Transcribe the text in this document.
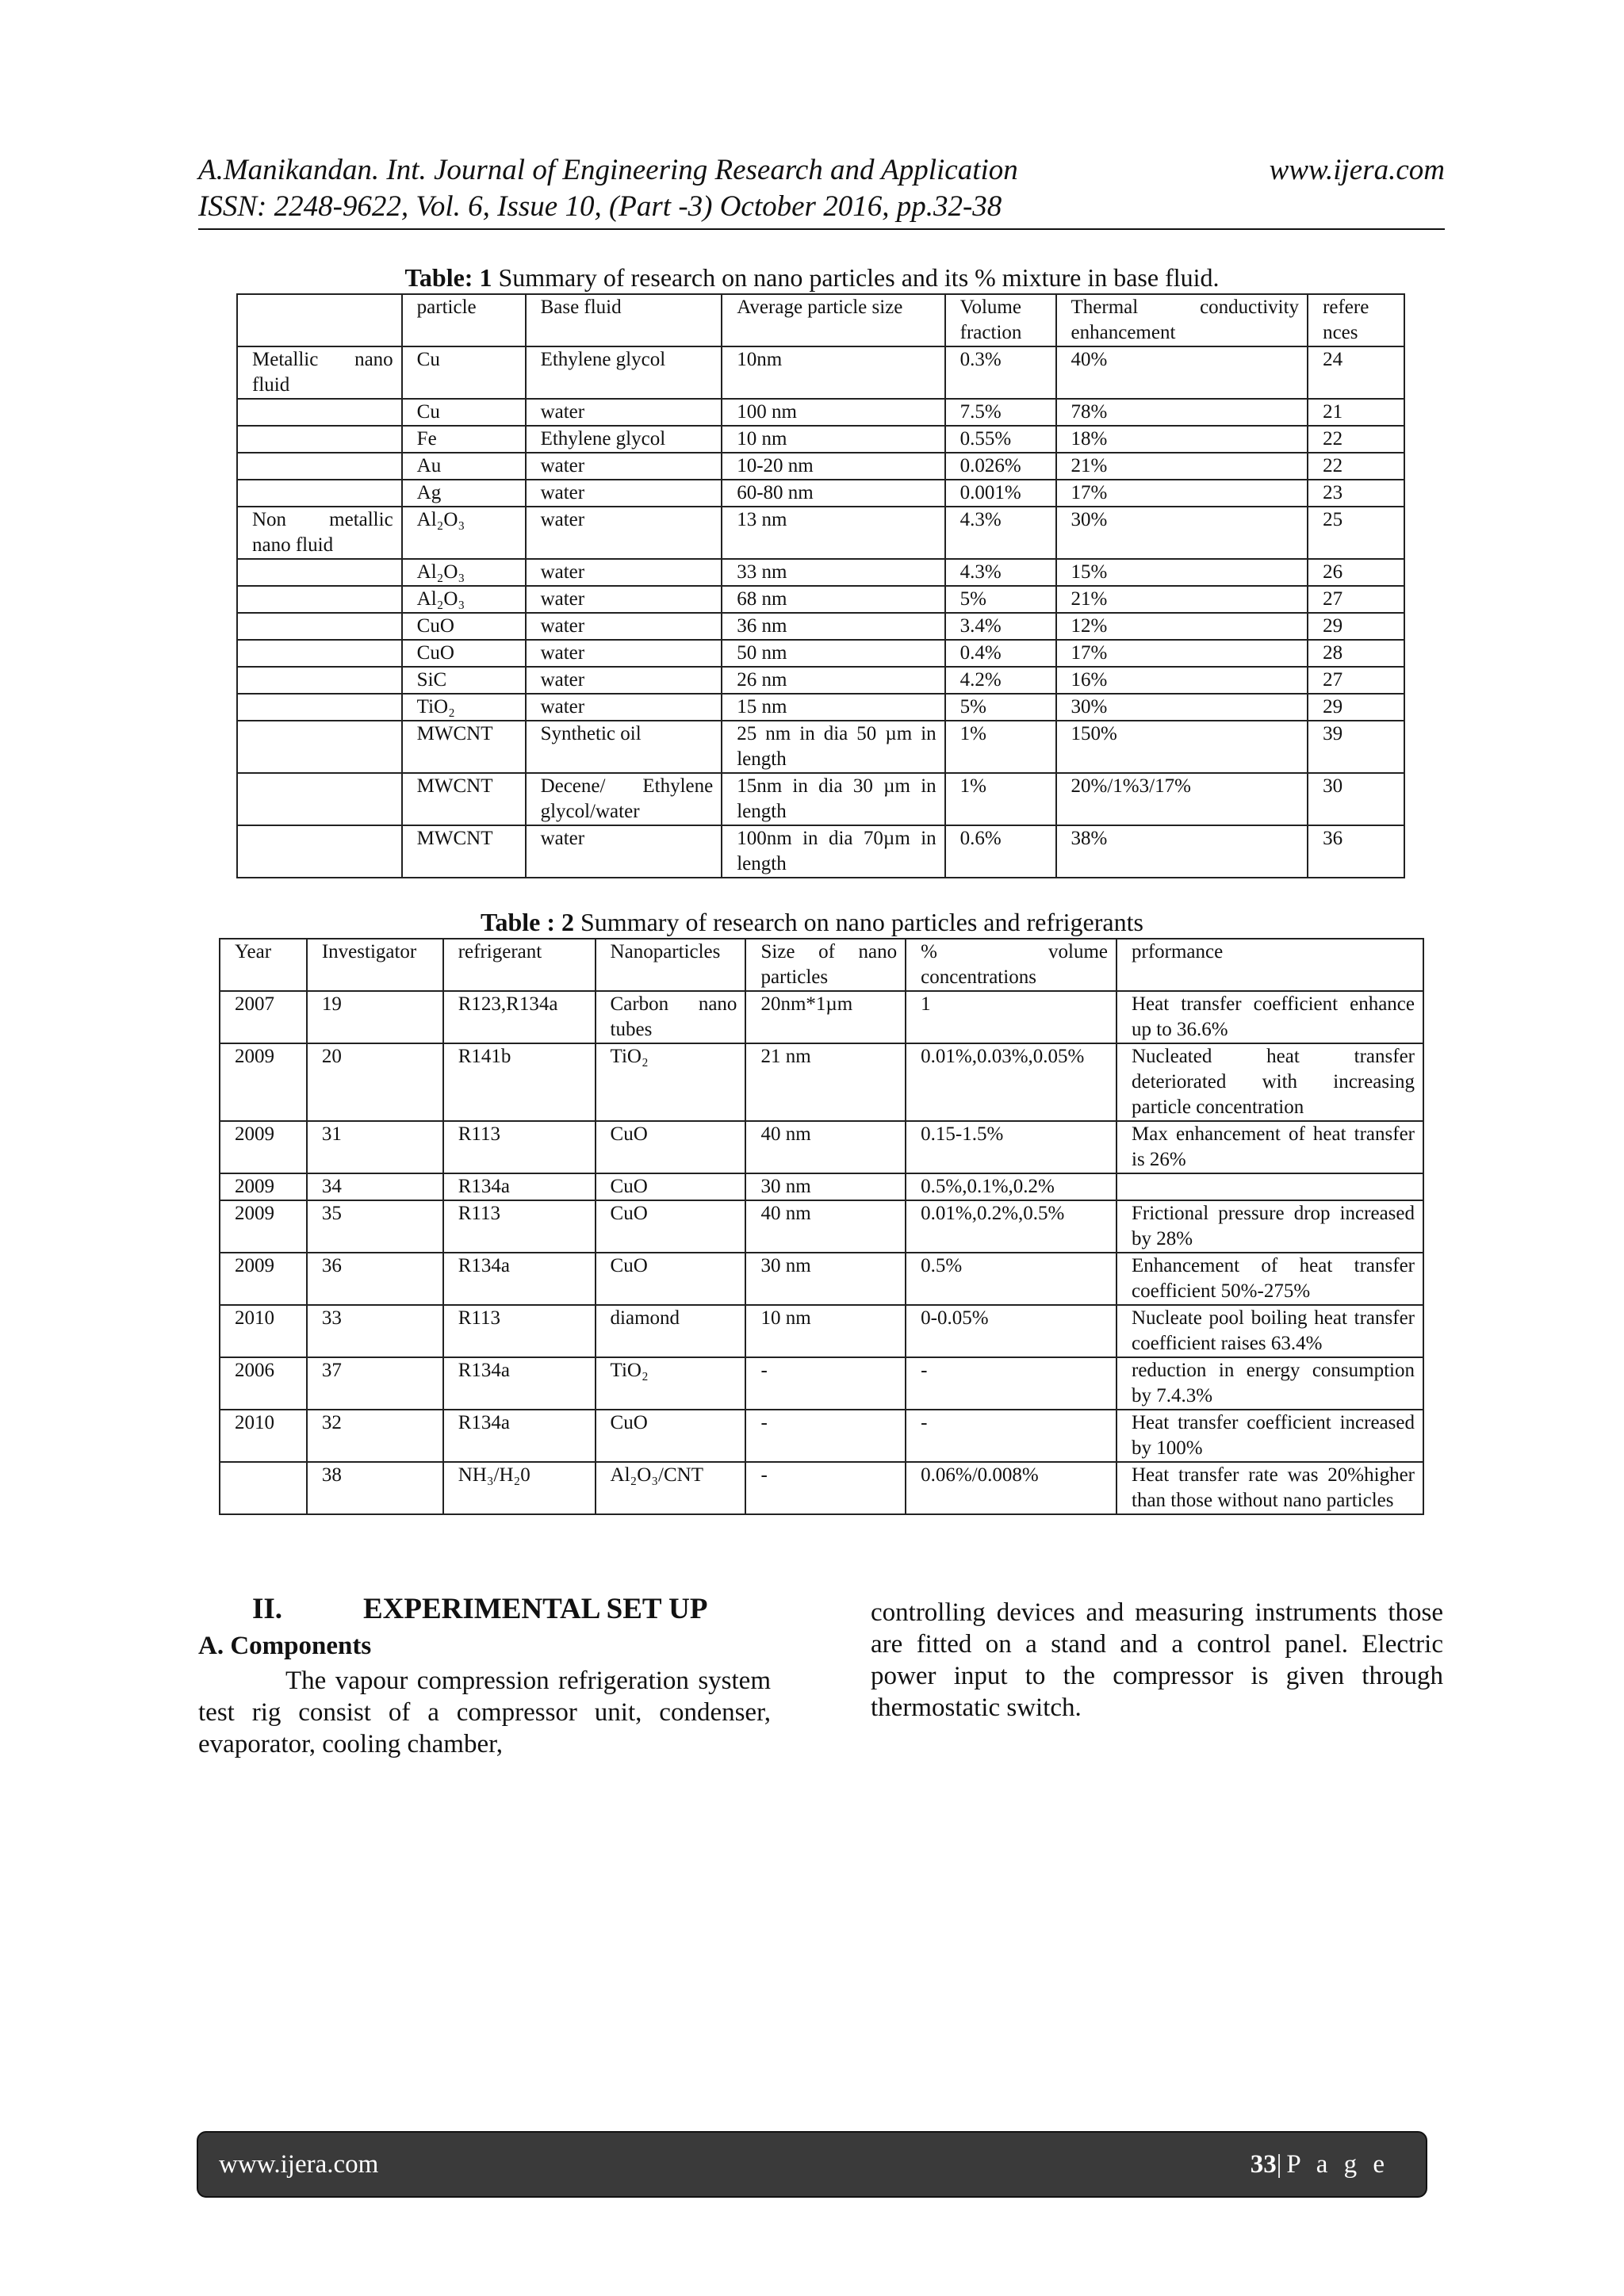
A.Manikandan. Int. Journal of Engineering Research and Application	www.ijera.com
ISSN: 2248-9622, Vol. 6, Issue 10, (Part -3) October 2016, pp.32-38
Table: 1 Summary of research on nano particles and its % mixture in base fluid.
	particle	Base fluid	Average particle size	Volume fraction	Thermal conductivity enhancement	refere nces
Metallic nano fluid	Cu	Ethylene glycol	10nm	0.3%	40%	24
	Cu	water	100 nm	7.5%	78%	21
	Fe	Ethylene glycol	10 nm	0.55%	18%	22
	Au	water	10-20 nm	0.026%	21%	22
	Ag	water	60-80 nm	0.001%	17%	23
Non metallic nano fluid	Al₂O₃	water	13 nm	4.3%	30%	25
	Al₂O₃	water	33 nm	4.3%	15%	26
	Al₂O₃	water	68 nm	5%	21%	27
	CuO	water	36 nm	3.4%	12%	29
	CuO	water	50 nm	0.4%	17%	28
	SiC	water	26 nm	4.2%	16%	27
	TiO₂	water	15 nm	5%	30%	29
	MWCNT	Synthetic oil	25 nm in dia 50 µm in length	1%	150%	39
	MWCNT	Decene/ Ethylene glycol/water	15nm in dia 30 µm in length	1%	20%/1%3/17%	30
	MWCNT	water	100nm in dia 70µm in length	0.6%	38%	36
Table : 2 Summary of research on nano particles and refrigerants
Year	Investigator	refrigerant	Nanoparticles	Size of nano particles	% volume concentrations	prformance
2007	19	R123,R134a	Carbon nano tubes	20nm*1µm	1	Heat transfer coefficient enhance up to 36.6%
2009	20	R141b	TiO₂	21 nm	0.01%,0.03%,0.05%	Nucleated heat transfer deteriorated with increasing particle concentration
2009	31	R113	CuO	40 nm	0.15-1.5%	Max enhancement of heat transfer is 26%
2009	34	R134a	CuO	30 nm	0.5%,0.1%,0.2%	
2009	35	R113	CuO	40 nm	0.01%,0.2%,0.5%	Frictional pressure drop increased by 28%
2009	36	R134a	CuO	30 nm	0.5%	Enhancement of heat transfer coefficient 50%-275%
2010	33	R113	diamond	10 nm	0-0.05%	Nucleate pool boiling heat transfer coefficient raises 63.4%
2006	37	R134a	TiO₂	-	-	reduction in energy consumption by 7.4.3%
2010	32	R134a	CuO	-	-	Heat transfer coefficient increased by 100%
	38	NH₃/H₂0	Al₂O₃/CNT	-	0.06%/0.008%	Heat transfer rate was 20%higher than those without nano particles
II.	EXPERIMENTAL SET UP
A. Components
The vapour compression refrigeration system test rig consist of a compressor unit, condenser, evaporator, cooling chamber,
controlling devices and measuring instruments those are fitted on a stand and a control panel. Electric power input to the compressor is given through thermostatic switch.
www.ijera.com	33|P a g e
